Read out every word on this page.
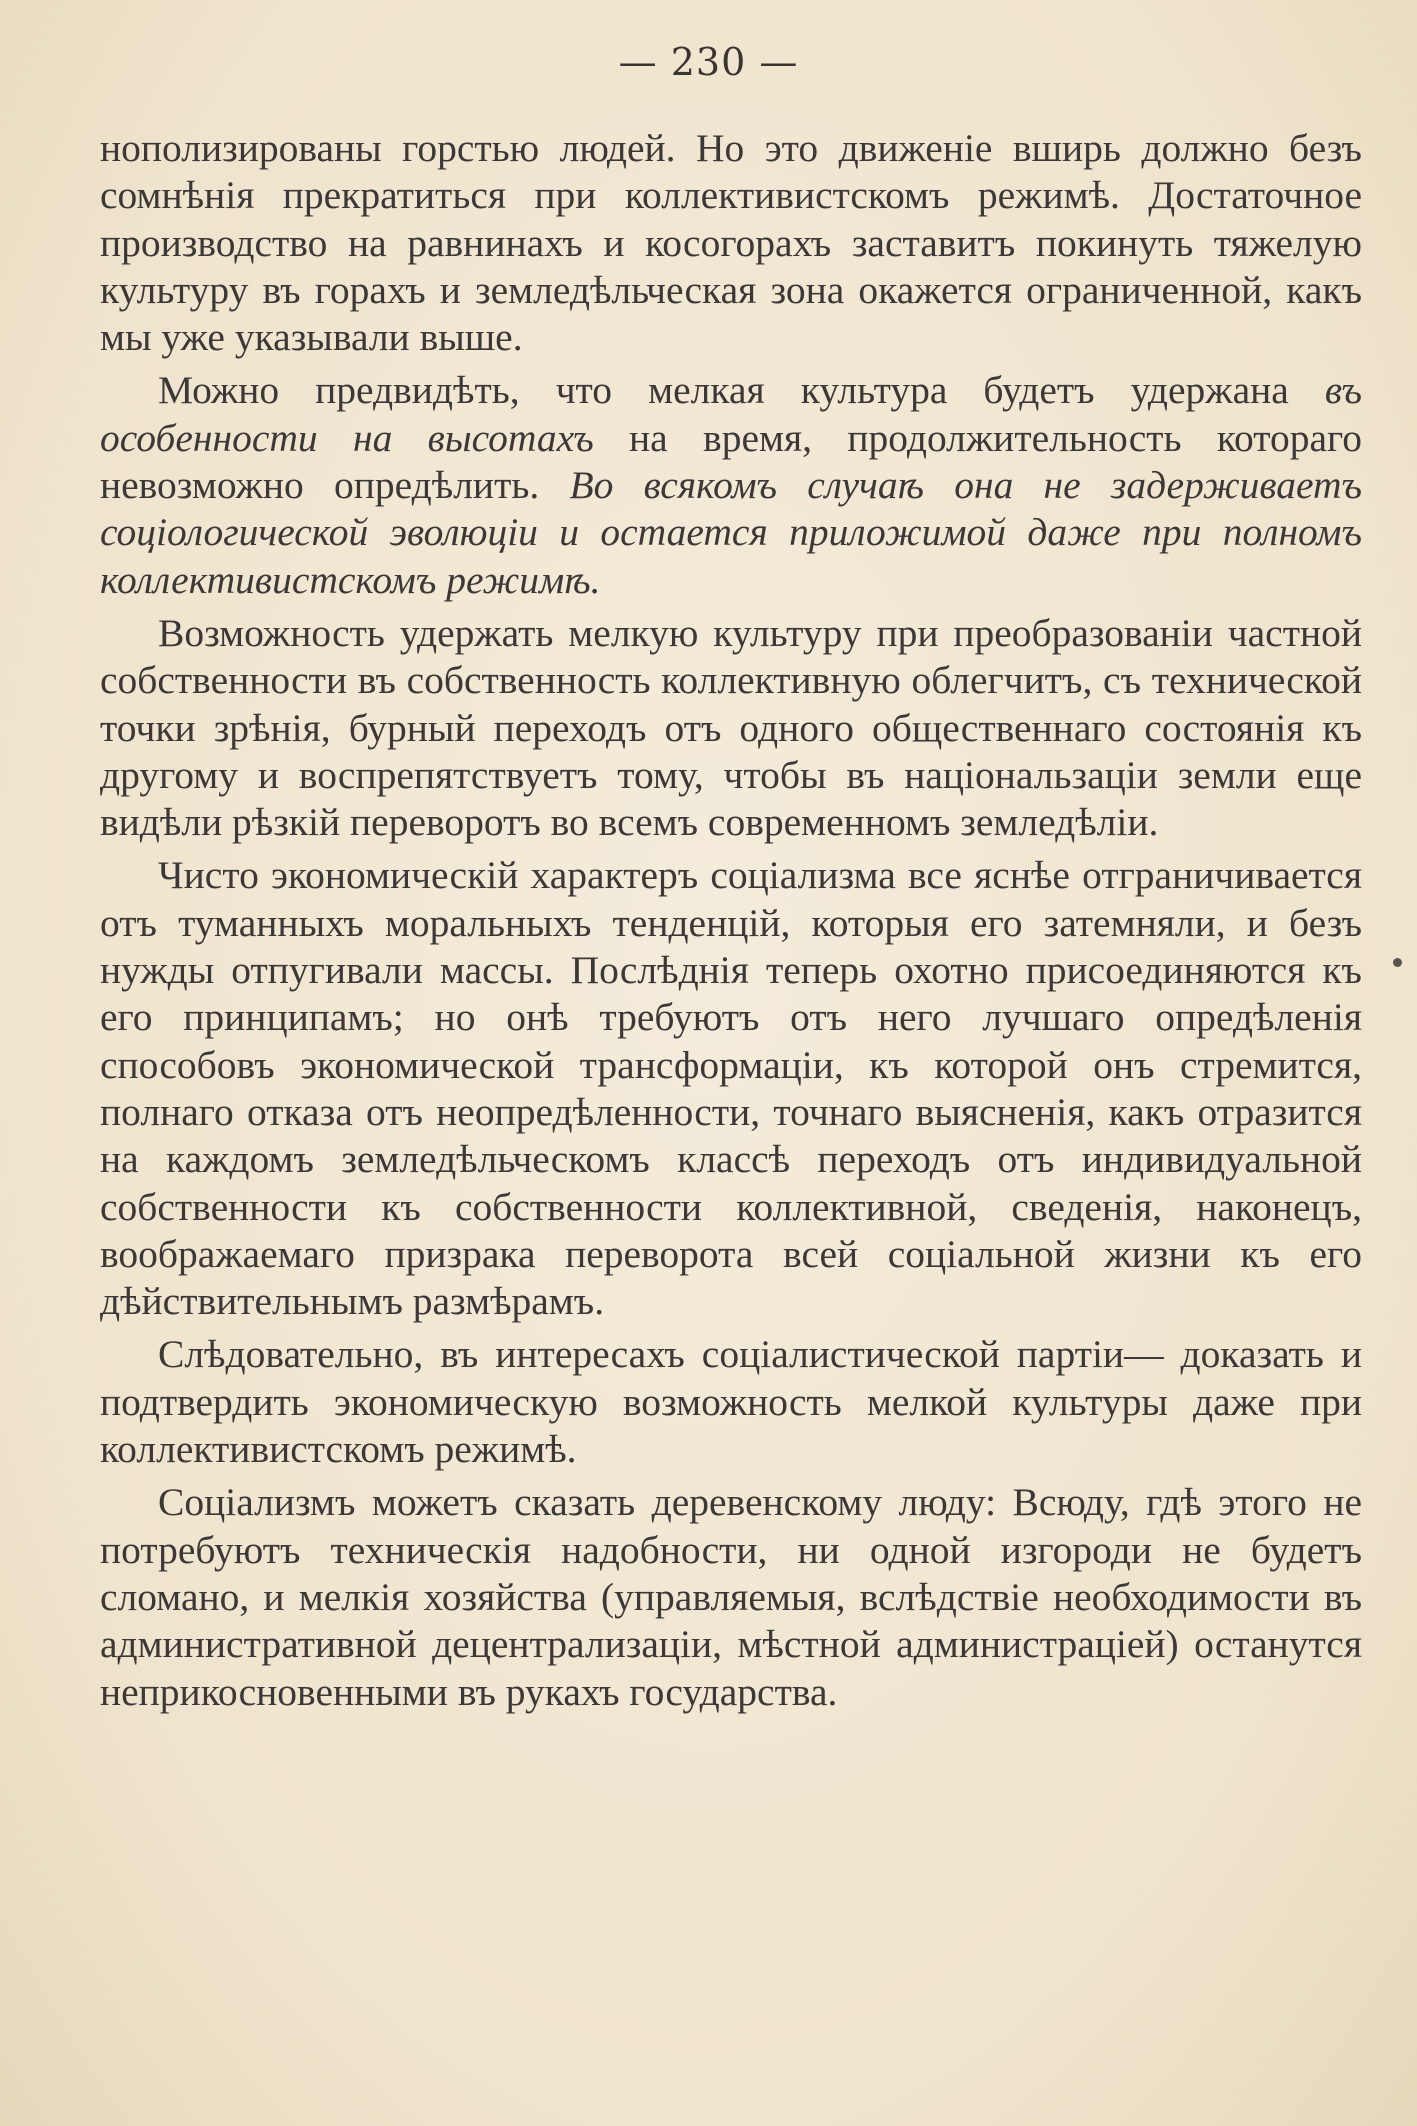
— 230 —

нополизированы горстью людей. Но это движеніе вширь должно безъ сомнѣнія прекратиться при коллективистскомъ режимѣ. Достаточное производство на равнинахъ и косогорахъ заставитъ покинуть тяжелую культуру въ горахъ и земледѣльческая зона окажется ограниченной, какъ мы уже указывали выше.

Можно предвидѣть, что мелкая культура будетъ удержана въ особенности на высотахъ на время, продолжительность котораго невозможно опредѣлить. Во всякомъ случаѣ она не задерживаетъ соціологической эволюціи и остается приложимой даже при полномъ коллективистскомъ режимѣ.

Возможность удержать мелкую культуру при преобразованіи частной собственности въ собственность коллективную облегчитъ, съ технической точки зрѣнія, бурный переходъ отъ одного общественнаго состоянія къ другому и воспрепятствуетъ тому, чтобы въ національзаціи земли еще видѣли рѣзкій переворотъ во всемъ современномъ земледѣліи.

Чисто экономическій характеръ соціализма все яснѣе отграничивается отъ туманныхъ моральныхъ тенденцій, которыя его затемняли, и безъ нужды отпугивали массы. Послѣднія теперь охотно присоединяются къ его принципамъ; но онѣ требуютъ отъ него лучшаго опредѣленія способовъ экономической трансформаціи, къ которой онъ стремится, полнаго отказа отъ неопредѣленности, точнаго выясненія, какъ отразится на каждомъ земледѣльческомъ классѣ переходъ отъ индивидуальной собственности къ собственности коллективной, сведенія, наконецъ, воображаемаго призрака переворота всей соціальной жизни къ его дѣйствительнымъ размѣрамъ.

Слѣдовательно, въ интересахъ соціалистической партіи— доказать и подтвердить экономическую возможность мелкой культуры даже при коллективистскомъ режимѣ.

Соціализмъ можетъ сказать деревенскому люду: Всюду, гдѣ этого не потребуютъ техническія надобности, ни одной изгороди не будетъ сломано, и мелкія хозяйства (управляемыя, вслѣдствіе необходимости въ административной децентрализаціи, мѣстной администраціей) останутся неприкосновенными въ рукахъ государства.
